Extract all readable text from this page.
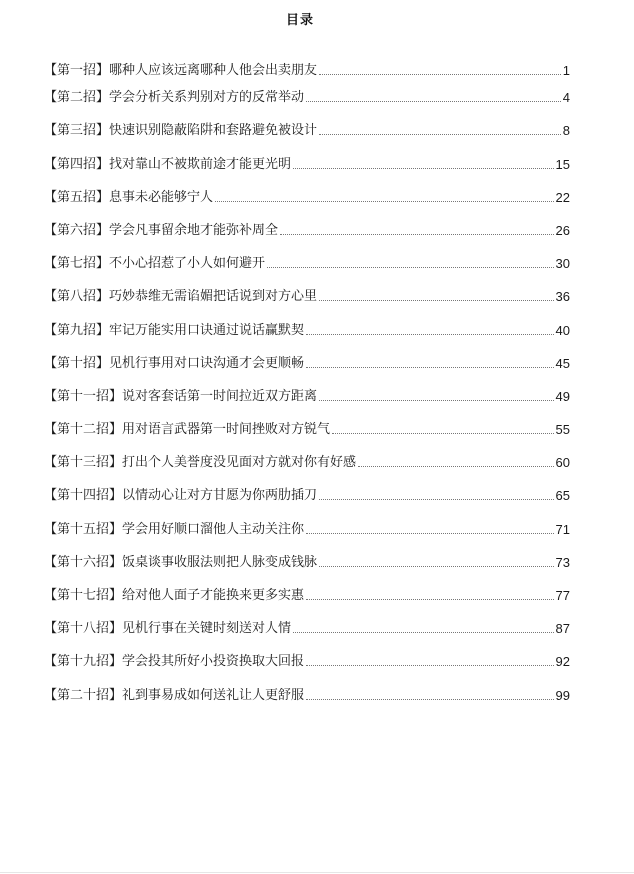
目录
【第一招】 哪种人应该远离哪种人他会出卖朋友	1
【第二招】 学会分析关系判别对方的反常举动	4
【第三招】 快速识别隐蔽陷阱和套路避免被设计	8
【第四招】 找对靠山不被欺前途才能更光明	15
【第五招】 息事未必能够宁人	22
【第六招】 学会凡事留余地才能弥补周全	26
【第七招】 不小心招惹了小人如何避开	30
【第八招】 巧妙恭维无需谄媚把话说到对方心里	36
【第九招】 牢记万能实用口诀通过说话赢默契	40
【第十招】 见机行事用对口诀沟通才会更顺畅	45
【第十一招】 说对客套话第一时间拉近双方距离	49
【第十二招】 用对语言武器第一时间挫败对方锐气	55
【第十三招】 打出个人美誉度没见面对方就对你有好感	60
【第十四招】 以情动心让对方甘愿为你两肋插刀	65
【第十五招】 学会用好顺口溜他人主动关注你	71
【第十六招】 饭桌谈事收服法则把人脉变成钱脉	73
【第十七招】 给对他人面子才能换来更多实惠	77
【第十八招】 见机行事在关键时刻送对人情	87
【第十九招】 学会投其所好小投资换取大回报	92
【第二十招】 礼到事易成如何送礼让人更舒服	99
